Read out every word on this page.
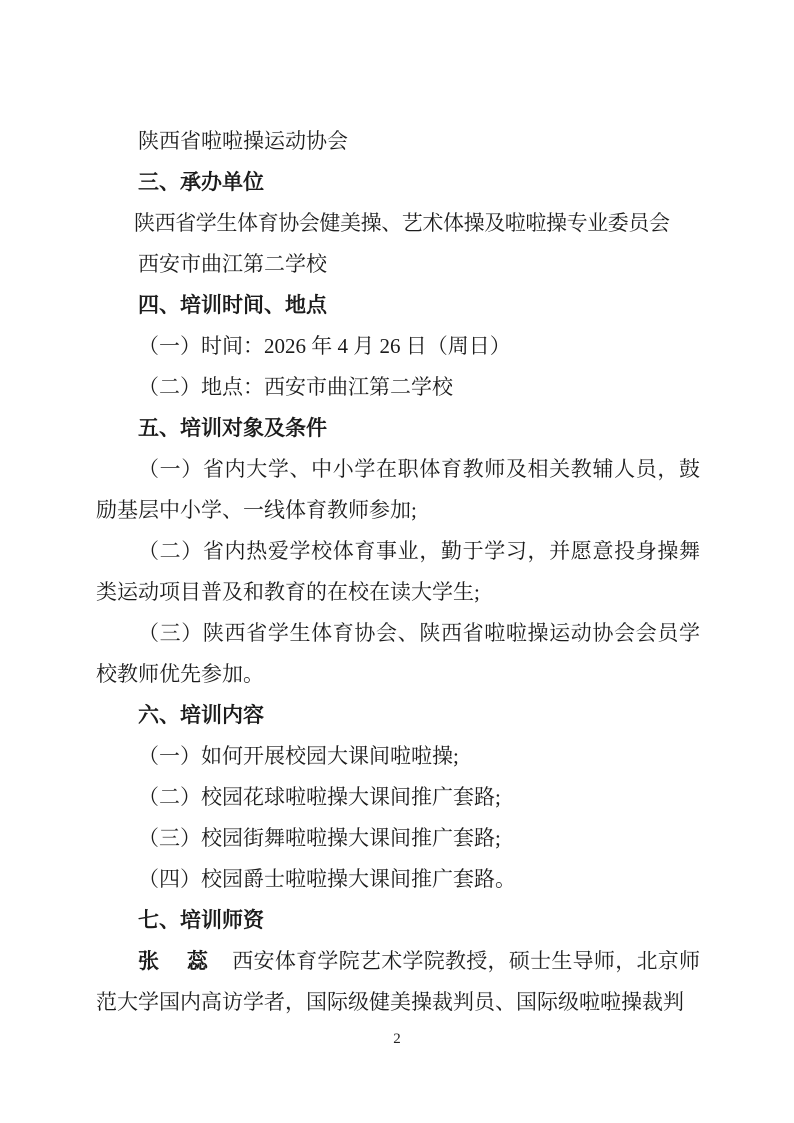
陕西省啦啦操运动协会

三、承办单位

陕西省学生体育协会健美操、艺术体操及啦啦操专业委员会

西安市曲江第二学校

四、培训时间、地点

（一）时间：2026 年 4 月 26 日（周日）

（二）地点：西安市曲江第二学校

五、培训对象及条件

（一）省内大学、中小学在职体育教师及相关教辅人员，鼓励基层中小学、一线体育教师参加;

（二）省内热爱学校体育事业，勤于学习，并愿意投身操舞类运动项目普及和教育的在校在读大学生;

（三）陕西省学生体育协会、陕西省啦啦操运动协会会员学校教师优先参加。

六、培训内容

（一）如何开展校园大课间啦啦操;

（二）校园花球啦啦操大课间推广套路;

（三）校园街舞啦啦操大课间推广套路;

（四）校园爵士啦啦操大课间推广套路。

七、培训师资

张　蕊 西安体育学院艺术学院教授，硕士生导师，北京师范大学国内高访学者，国际级健美操裁判员、国际级啦啦操裁判

2
